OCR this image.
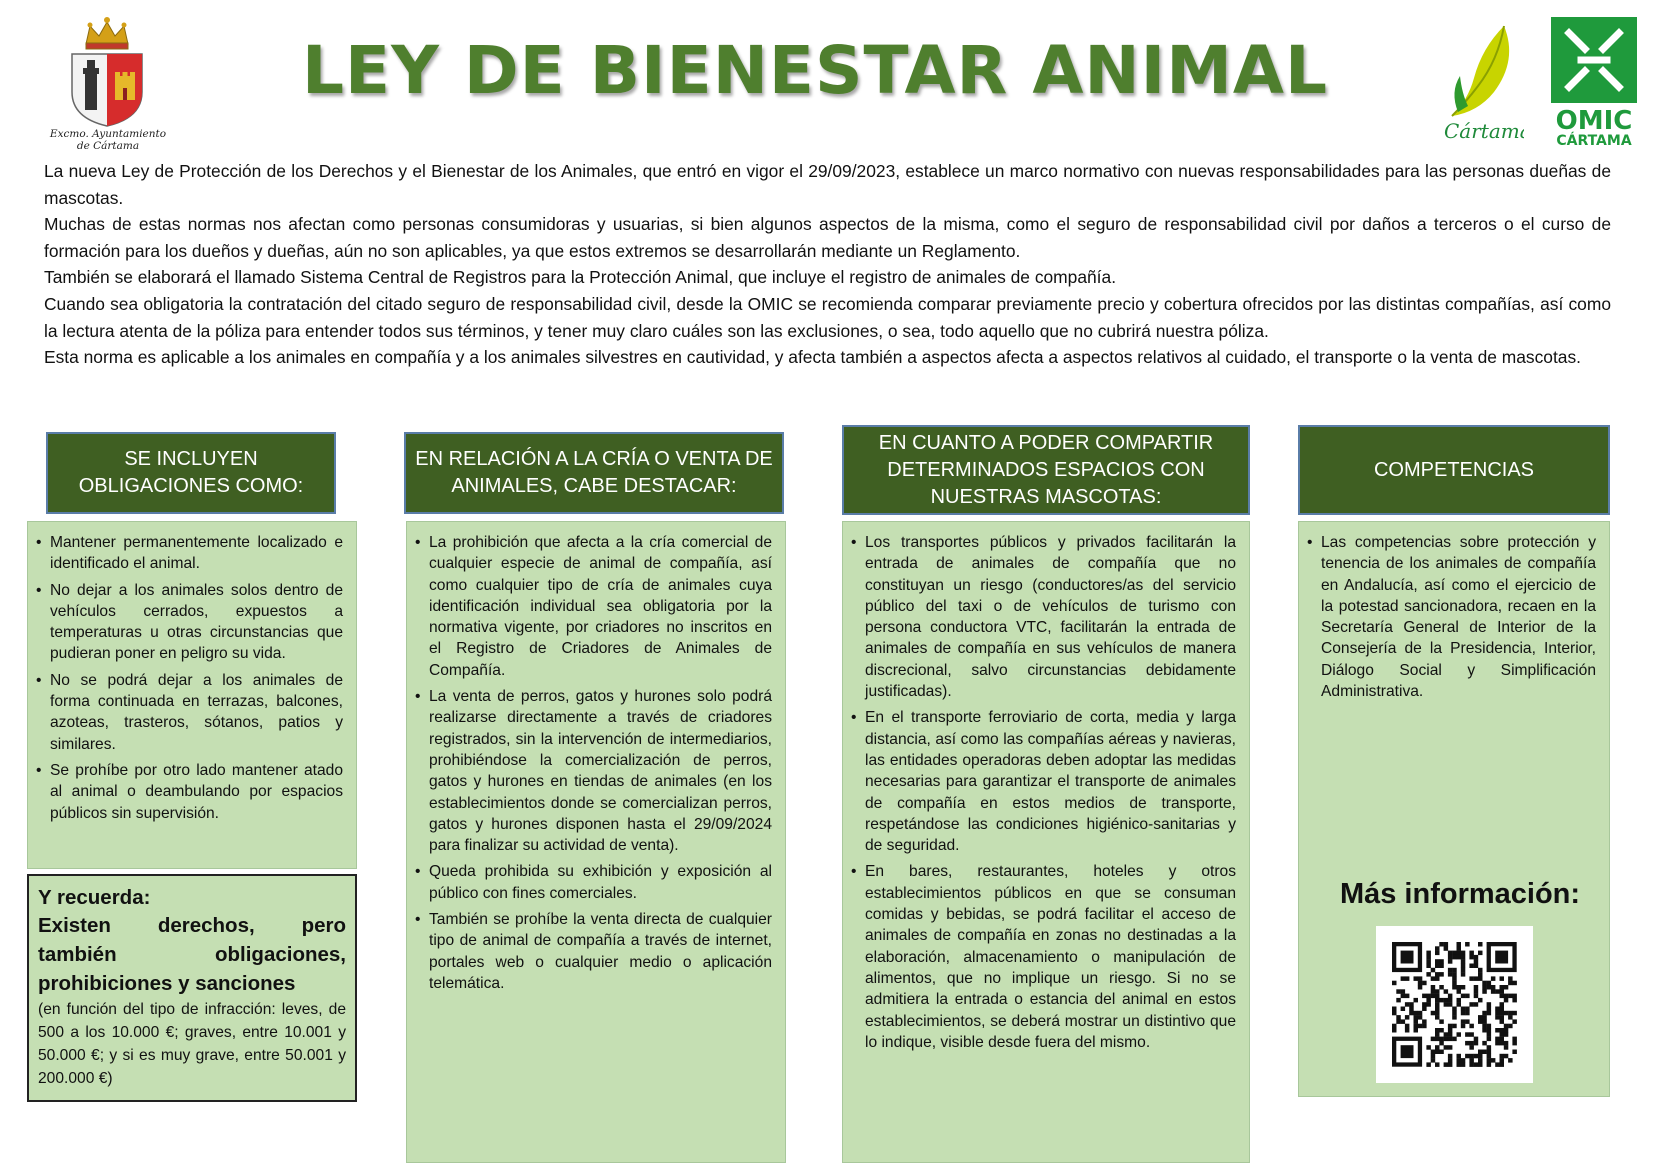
Excmo. Ayuntamiento
de Cártama
LEY DE BIENESTAR ANIMAL
Cártama OMIC
CÁRTAMA

La nueva Ley de Protección de los Derechos y el Bienestar de los Animales, que entró en vigor el 29/09/2023, establece un marco normativo con nuevas responsabilidades para las personas dueñas de mascotas.

Muchas de estas normas nos afectan como personas consumidoras y usuarias, si bien algunos aspectos de la misma, como el seguro de responsabilidad civil por daños a terceros o el curso de formación para los dueños y dueñas, aún no son aplicables, ya que estos extremos se desarrollarán mediante un Reglamento.

También se elaborará el llamado Sistema Central de Registros para la Protección Animal, que incluye el registro de animales de compañía.

Cuando sea obligatoria la contratación del citado seguro de responsabilidad civil, desde la OMIC se recomienda comparar previamente precio y cobertura ofrecidos por las distintas compañías, así como la lectura atenta de la póliza para entender todos sus términos, y tener muy claro cuáles son las exclusiones, o sea, todo aquello que no cubrirá nuestra póliza.

Esta norma es aplicable a los animales en compañía y a los animales silvestres en cautividad, y afecta también a aspectos afecta a aspectos relativos al cuidado, el transporte o la venta de mascotas.

SE INCLUYEN OBLIGACIONES COMO:
• Mantener permanentemente localizado e identificado el animal.
• No dejar a los animales solos dentro de vehículos cerrados, expuestos a temperaturas u otras circunstancias que pudieran poner en peligro su vida.
• No se podrá dejar a los animales de forma continuada en terrazas, balcones, azoteas, trasteros, sótanos, patios y similares.
• Se prohíbe por otro lado mantener atado al animal o deambulando por espacios públicos sin supervisión.
Y recuerda:
Existen derechos, pero también obligaciones, prohibiciones y sanciones
(en función del tipo de infracción: leves, de 500 a los 10.000 €; graves, entre 10.001 y 50.000 €; y si es muy grave, entre 50.001 y 200.000 €)
EN RELACIÓN A LA CRÍA O VENTA DE ANIMALES, CABE DESTACAR:
• La prohibición que afecta a la cría comercial de cualquier especie de animal de compañía, así como cualquier tipo de cría de animales cuya identificación individual sea obligatoria por la normativa vigente, por criadores no inscritos en el Registro de Criadores de Animales de Compañía.
• La venta de perros, gatos y hurones solo podrá realizarse directamente a través de criadores registrados, sin la intervención de intermediarios, prohibiéndose la comercialización de perros, gatos y hurones en tiendas de animales (en los establecimientos donde se comercializan perros, gatos y hurones disponen hasta el 29/09/2024 para finalizar su actividad de venta).
• Queda prohibida su exhibición y exposición al público con fines comerciales.
• También se prohíbe la venta directa de cualquier tipo de animal de compañía a través de internet, portales web o cualquier medio o aplicación telemática.
EN CUANTO A PODER COMPARTIR DETERMINADOS ESPACIOS CON NUESTRAS MASCOTAS:
• Los transportes públicos y privados facilitarán la entrada de animales de compañía que no constituyan un riesgo (conductores/as del servicio público del taxi o de vehículos de turismo con persona conductora VTC, facilitarán la entrada de animales de compañía en sus vehículos de manera discrecional, salvo circunstancias debidamente justificadas).
• En el transporte ferroviario de corta, media y larga distancia, así como las compañías aéreas y navieras, las entidades operadoras deben adoptar las medidas necesarias para garantizar el transporte de animales de compañía en estos medios de transporte, respetándose las condiciones higiénico-sanitarias y de seguridad.
• En bares, restaurantes, hoteles y otros establecimientos públicos en que se consuman comidas y bebidas, se podrá facilitar el acceso de animales de compañía en zonas no destinadas a la elaboración, almacenamiento o manipulación de alimentos, que no implique un riesgo. Si no se admitiera la entrada o estancia del animal en estos establecimientos, se deberá mostrar un distintivo que lo indique, visible desde fuera del mismo.
COMPETENCIAS
• Las competencias sobre protección y tenencia de los animales de compañía en Andalucía, así como el ejercicio de la potestad sancionadora, recaen en la Secretaría General de Interior de la Consejería de la Presidencia, Interior, Diálogo Social y Simplificación Administrativa.
Más información:
